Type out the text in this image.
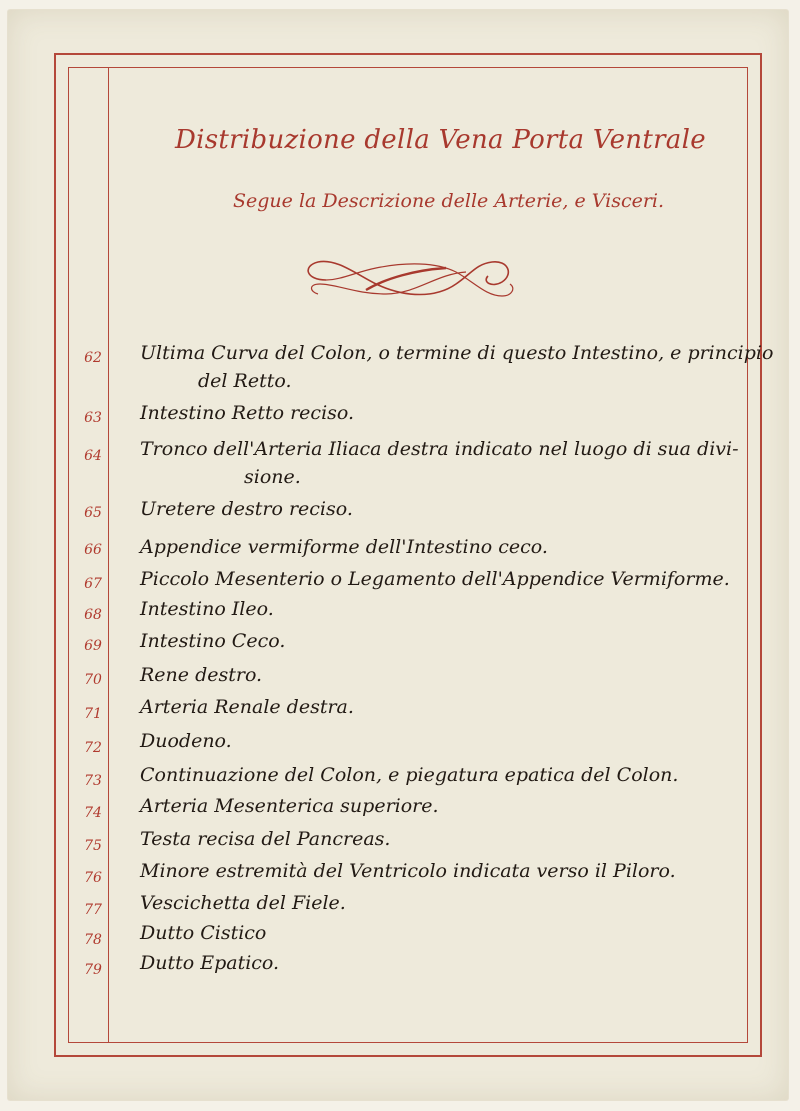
Distribuzione della Vena Porta Ventrale
Segue la Descrizione delle Arterie, e Visceri.
62	Ultima Curva del Colon, o termine di questo Intestino, e principio
del Retto.
63	Intestino Retto reciso.
64	Tronco dell'Arteria Iliaca destra indicato nel luogo di sua divi-
sione.
65	Uretere destro reciso.
66	Appendice vermiforme dell'Intestino ceco.
67	Piccolo Mesenterio o Legamento dell'Appendice Vermiforme.
68	Intestino Ileo.
69	Intestino Ceco.
70	Rene destro.
71	Arteria Renale destra.
72	Duodeno.
73	Continuazione del Colon, e piegatura epatica del Colon.
74	Arteria Mesenterica superiore.
75	Testa recisa del Pancreas.
76	Minore estremità del Ventricolo indicata verso il Piloro.
77	Vescichetta del Fiele.
78	Dutto Cistico
79	Dutto Epatico.
